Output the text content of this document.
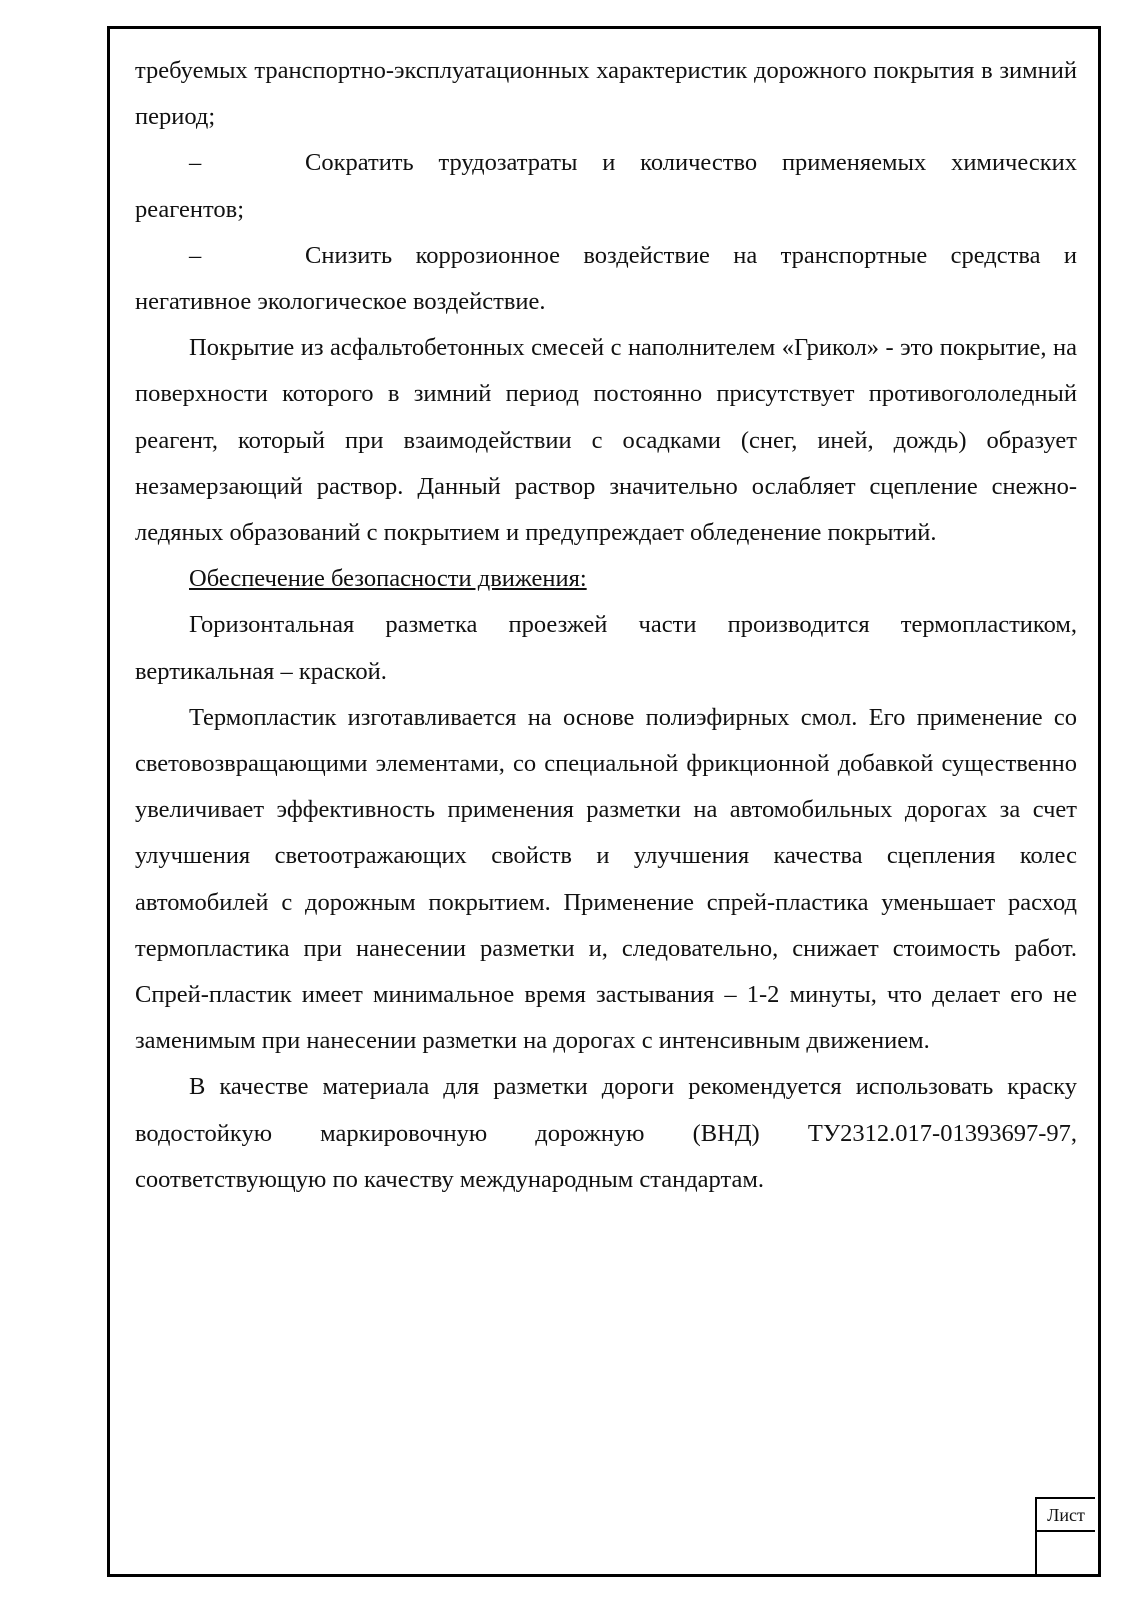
требуемых транспортно-эксплуатационных характеристик дорожного покрытия в зимний период;

–	Сократить трудозатраты и количество применяемых химических реагентов;

–	Снизить коррозионное воздействие на транспортные средства и негативное экологическое воздействие.

Покрытие из асфальтобетонных смесей с наполнителем «Грикол» - это покрытие, на поверхности которого в зимний период постоянно присутствует противогололедный реагент, который при взаимодействии с осадками (снег, иней, дождь) образует незамерзающий раствор. Данный раствор значительно ослабляет сцепление снежно-ледяных образований с покрытием и предупреждает обледенение покрытий.

Обеспечение безопасности движения:

Горизонтальная разметка проезжей части производится термопластиком, вертикальная – краской.

Термопластик изготавливается на основе полиэфирных смол. Его применение со световозвращающими элементами, со специальной фрикционной добавкой существенно увеличивает эффективность применения разметки на автомобильных дорогах за счет улучшения светоотражающих свойств и улучшения качества сцепления колес автомобилей с дорожным покрытием. Применение спрей-пластика уменьшает расход термопластика при нанесении разметки и, следовательно, снижает стоимость работ. Спрей-пластик имеет минимальное время застывания – 1-2 минуты, что делает его не заменимым при нанесении разметки на дорогах с интенсивным движением.

В качестве материала для разметки дороги рекомендуется использовать краску водостойкую маркировочную дорожную (ВНД) ТУ2312.017-01393697-97, соответствующую по качеству международным стандартам.

Лист
